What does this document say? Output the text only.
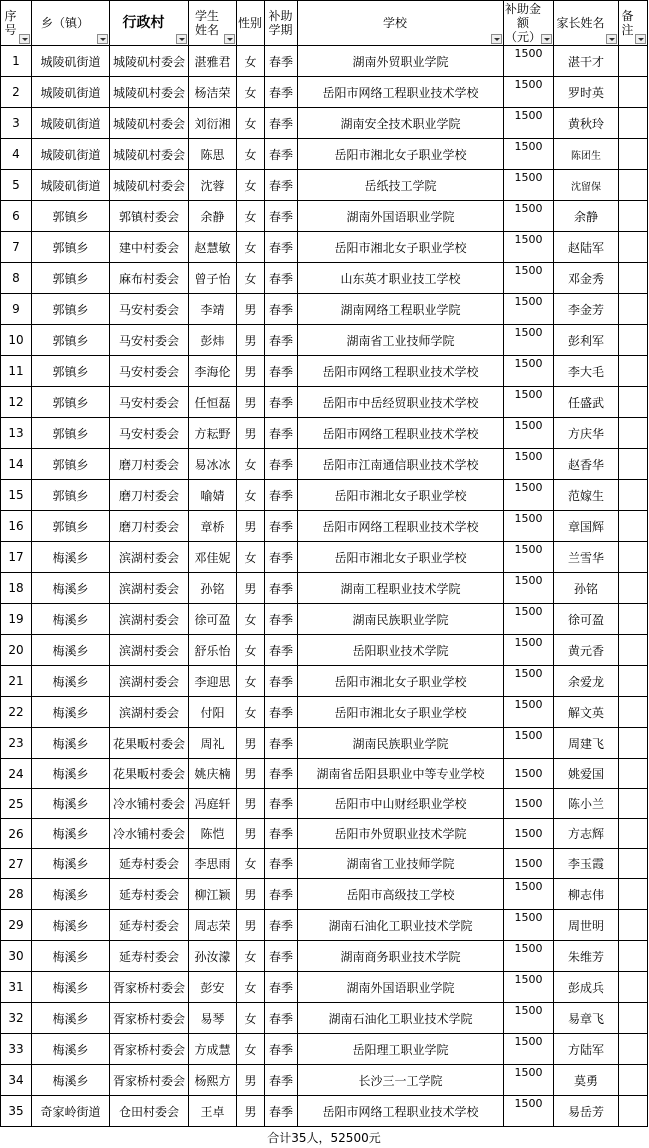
序号	乡（镇）	行政村	学生姓名	性别	补助学期	学校	补助金额（元）	家长姓名	备注

1	城陵矶街道	城陵矶村委会	湛雅君	女	春季	湖南外贸职业学院	1500	湛干才	
2	城陵矶街道	城陵矶村委会	杨洁荣	女	春季	岳阳市网络工程职业技术学校	1500	罗时英	
3	城陵矶街道	城陵矶村委会	刘衍湘	女	春季	湖南安全技术职业学院	1500	黄秋玲	
4	城陵矶街道	城陵矶村委会	陈思	女	春季	岳阳市湘北女子职业学校	1500	陈团生	
5	城陵矶街道	城陵矶村委会	沈蓉	女	春季	岳纸技工学院	1500	沈留保	
6	郭镇乡	郭镇村委会	余静	女	春季	湖南外国语职业学院	1500	余静	
7	郭镇乡	建中村委会	赵慧敏	女	春季	岳阳市湘北女子职业学校	1500	赵陆军	
8	郭镇乡	麻布村委会	曾子怡	女	春季	山东英才职业技工学校	1500	邓金秀	
9	郭镇乡	马安村委会	李靖	男	春季	湖南网络工程职业学院	1500	李金芳	
10	郭镇乡	马安村委会	彭炜	男	春季	湖南省工业技师学院	1500	彭利军	
11	郭镇乡	马安村委会	李海伦	男	春季	岳阳市网络工程职业技术学校	1500	李大毛	
12	郭镇乡	马安村委会	任恒磊	男	春季	岳阳市中岳经贸职业技术学校	1500	任盛武	
13	郭镇乡	马安村委会	方耘野	男	春季	岳阳市网络工程职业技术学校	1500	方庆华	
14	郭镇乡	磨刀村委会	易冰冰	女	春季	岳阳市江南通信职业技术学校	1500	赵香华	
15	郭镇乡	磨刀村委会	喻婧	女	春季	岳阳市湘北女子职业学校	1500	范嫁生	
16	郭镇乡	磨刀村委会	章桥	男	春季	岳阳市网络工程职业技术学校	1500	章国辉	
17	梅溪乡	滨湖村委会	邓佳妮	女	春季	岳阳市湘北女子职业学校	1500	兰雪华	
18	梅溪乡	滨湖村委会	孙铭	男	春季	湖南工程职业技术学院	1500	孙铭	
19	梅溪乡	滨湖村委会	徐可盈	女	春季	湖南民族职业学院	1500	徐可盈	
20	梅溪乡	滨湖村委会	舒乐怡	女	春季	岳阳职业技术学院	1500	黄元香	
21	梅溪乡	滨湖村委会	李迎思	女	春季	岳阳市湘北女子职业学校	1500	余爱龙	
22	梅溪乡	滨湖村委会	付阳	女	春季	岳阳市湘北女子职业学校	1500	解文英	
23	梅溪乡	花果畈村委会	周礼	男	春季	湖南民族职业学院	1500	周建飞	
24	梅溪乡	花果畈村委会	姚庆楠	男	春季	湖南省岳阳县职业中等专业学校	1500	姚爱国	
25	梅溪乡	冷水铺村委会	冯庭轩	男	春季	岳阳市中山财经职业学校	1500	陈小兰	
26	梅溪乡	冷水铺村委会	陈恺	男	春季	岳阳市外贸职业技术学院	1500	方志辉	
27	梅溪乡	延寿村委会	李思雨	女	春季	湖南省工业技师学院	1500	李玉霞	
28	梅溪乡	延寿村委会	柳江颖	男	春季	岳阳市高级技工学校	1500	柳志伟	
29	梅溪乡	延寿村委会	周志荣	男	春季	湖南石油化工职业技术学院	1500	周世明	
30	梅溪乡	延寿村委会	孙汝濛	女	春季	湖南商务职业技术学院	1500	朱维芳	
31	梅溪乡	胥家桥村委会	彭安	女	春季	湖南外国语职业学院	1500	彭成兵	
32	梅溪乡	胥家桥村委会	易琴	女	春季	湖南石油化工职业技术学院	1500	易章飞	
33	梅溪乡	胥家桥村委会	方成慧	女	春季	岳阳理工职业学院	1500	方陆军	
34	梅溪乡	胥家桥村委会	杨熙方	男	春季	长沙三一工学院	1500	莫勇	
35	奇家岭街道	仓田村委会	王卓	男	春季	岳阳市网络工程职业技术学校	1500	易岳芳	
合计35人，52500元									
